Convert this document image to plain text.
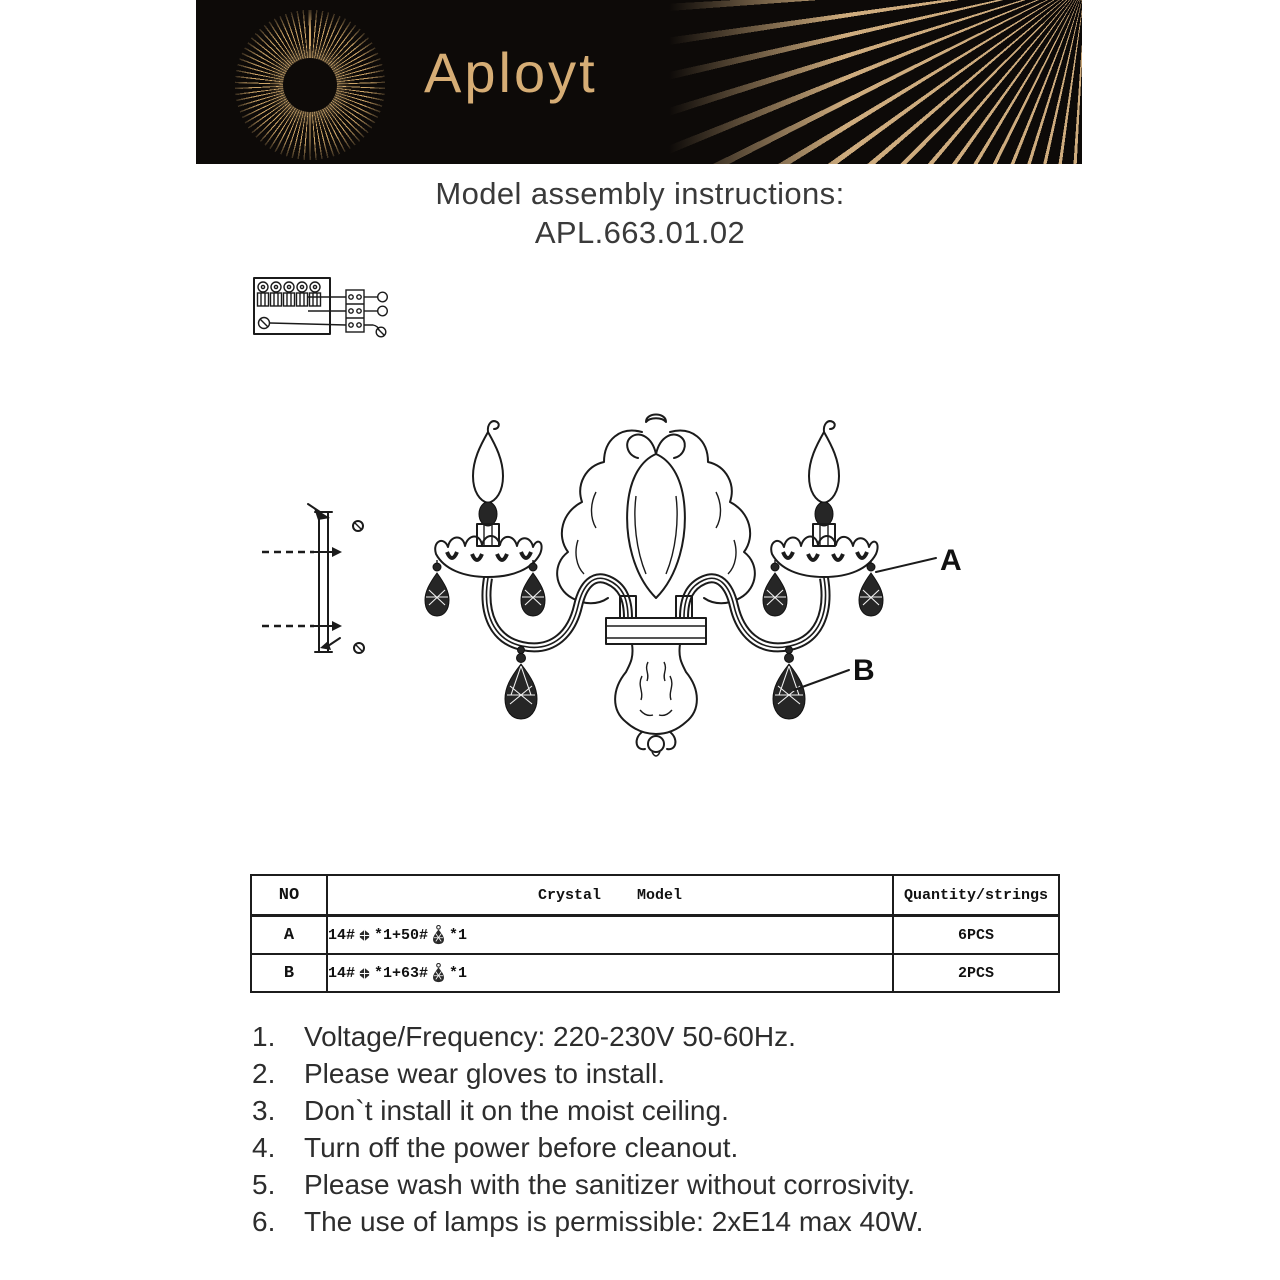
Aployt
Model assembly instructions:
APL.663.01.02
A
B
NO	Crystal    Model	Quantity/strings
A	14# *1+50# *1	6PCS
B	14# *1+63# *1	2PCS
1.	Voltage/Frequency: 220-230V 50-60Hz.
2.	Please wear gloves to install.
3.	Don`t install it on the moist ceiling.
4.	Turn off the power before cleanout.
5.	Please wash with the sanitizer without corrosivity.
6.	The use of lamps is permissible: 2xE14 max 40W.
